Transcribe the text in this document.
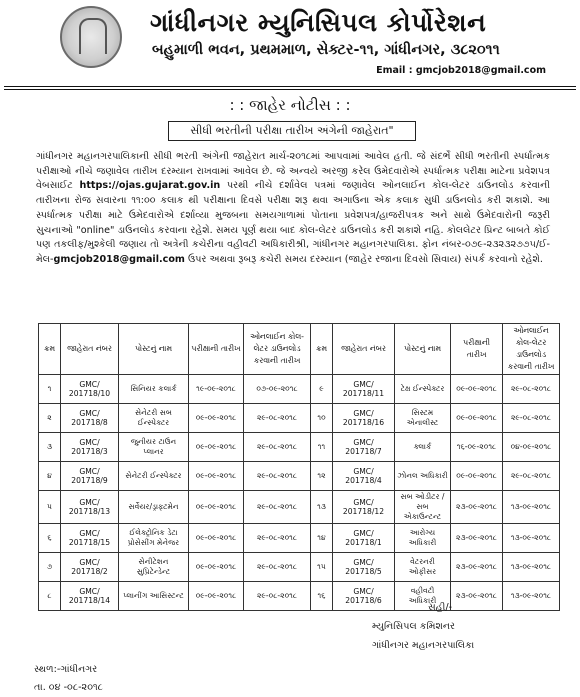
ગાંધીનગર મ્યુનિસિપલ કોર્પોરેશન
બહુમાળી ભવન, પ્રથમમાળ, સેક્ટર-૧૧, ગાંધીનગર, ૩૮૨૦૧૧
Email : gmcjob2018@gmail.com
: : જાહેર નોટીસ : :
સીધી ભરતીની પરીક્ષા તારીખ અંગેની જાહેરાત"
ગાંધીનગર મહાનગરપાલિકાની સીધી ભરતી અંગેની જાહેરાત માર્ચ-૨૦૧૮માં આપવામાં આવેલ હતી. જે સંદર્ભે સીધી ભરતીની સ્પર્ધાત્મક પરીક્ષાઓ નીચે જણાવેલ તારીખ દરમ્યાન રાખવામાં આવેલ છે. જે અન્વયે અરજી કરેલ ઉમેદવારોએ સ્પર્ધાત્મક પરીક્ષા માટેના પ્રવેશપત્ર વેબસાઈટ https://ojas.gujarat.gov.in પરથી નીચે દર્શાવેલ પત્રમાં જણાવેલ ઓનલાઈન કોલ-લેટર ડાઉનલોડ કરવાની તારીખના રોજ સવારના ૧૧:૦૦ કલાક થી પરીક્ષાના દિવસે પરીક્ષા શરૂ થવા અગાઉના એક કલાક સુધી ડાઉનલોડ કરી શકાશે. આ સ્પર્ધાત્મક પરીક્ષા માટે ઉમેદવારોએ દર્શાવ્યા મુજબના સમયગાળામાં પોતાના પ્રવેશપત્ર/હાજરીપત્રક અને સાથે ઉમેદવારોની જરૂરી સુચનાઓ "online" ડાઉનલોડ કરવાના રહેશે. સમય પૂર્ણ થયા બાદ કોલ-લેટર ડાઉનલોડ કરી શકાશે નહિ. કોલલેટર પ્રિન્ટ બાબતે કોઈ પણ તકલીફ/મુશ્કેલી જણાય તો અત્રેની કચેરીના વહીવટી અધિકારીશ્રી, ગાંધીનગર મહાનગરપાલિકા. ફોન નંબર-૦૭૯-૨૩૨૩૨૭૭૫/ઈ-મેલ-gmcjob2018@gmail.com ઉપર અથવા રૂબરૂ કચેરી સમય દરમ્યાન (જાહેર રજાના દિવસો સિવાય) સંપર્ક કરવાનો રહેશે.
ક્રમ	જાહેરાત નંબર	પોસ્ટનું નામ	પરીક્ષાની તારીખ	ઓનલાઈન કોલ-લેટર ડાઉનલોડ કરવાની તારીખ	ક્રમ	જાહેરાત નંબર	પોસ્ટનું નામ	પરીક્ષાની તારીખ	ઓનલાઈન કોલ-લેટર ડાઉનલોડ કરવાની તારીખ
૧	GMC/ 201718/10	સિનિયર કલાર્ક	૧૯-૦૯-૨૦૧૮	૦૭-૦૯-૨૦૧૮	૯	GMC/ 201718/11	ટેક્ષ ઈન્સ્પેક્ટર	૦૯-૦૯-૨૦૧૮	૨૯-૦૮-૨૦૧૮
૨	GMC/ 201718/8	સેનેટરી સબ ઈન્સ્પેક્ટર	૦૯-૦૯-૨૦૧૮	૨૯-૦૮-૨૦૧૮	૧૦	GMC/ 201718/16	સિસ્ટમ એનાલીસ્ટ	૦૯-૦૯-૨૦૧૮	૨૯-૦૮-૨૦૧૮
૩	GMC/ 201718/3	જુનીયર ટાઉન પ્લાનર	૦૯-૦૯-૨૦૧૮	૨૯-૦૮-૨૦૧૮	૧૧	GMC/ 201718/7	ક્લાર્ક	૧૬-૦૯-૨૦૧૮	૦૪-૦૯-૨૦૧૮
૪	GMC/ 201718/9	સેનેટરી ઈન્સ્પેક્ટર	૦૯-૦૯-૨૦૧૮	૨૯-૦૮-૨૦૧૮	૧૨	GMC/ 201718/4	ઝોનલ અધિકારી	૦૯-૦૯-૨૦૧૮	૨૯-૦૮-૨૦૧૮
૫	GMC/ 201718/13	સર્વેયર/ડ્રાફ્ટમેન	૦૯-૦૯-૨૦૧૮	૨૯-૦૮-૨૦૧૮	૧૩	GMC/ 201718/12	સબ ઓડીટર / સબ એકાઉન્ટન્ટ	૨૩-૦૯-૨૦૧૮	૧૩-૦૯-૨૦૧૮
૬	GMC/ 201718/15	ઈલેક્ટ્રોનિક ડેટા પ્રોસેસીંગ મેનેજર	૦૯-૦૯-૨૦૧૮	૨૯-૦૮-૨૦૧૮	૧૪	GMC/ 201718/1	આરોગ્ય અધિકારી	૨૩-૦૯-૨૦૧૮	૧૩-૦૯-૨૦૧૮
૭	GMC/ 201718/2	સેનીટેશન સુપ્રિટેન્ડેન્ટ	૦૯-૦૯-૨૦૧૮	૨૯-૦૮-૨૦૧૮	૧૫	GMC/ 201718/5	વેટરનરી ઓફીસર	૨૩-૦૯-૨૦૧૮	૧૩-૦૯-૨૦૧૮
૮	GMC/ 201718/14	પ્લાનીંગ આસિસ્ટન્ટ	૦૯-૦૯-૨૦૧૮	૨૯-૦૮-૨૦૧૮	૧૬	GMC/ 201718/6	વહીવટી અધિકારી	૨૩-૦૯-૨૦૧૮	૧૩-૦૯-૨૦૧૮
સહી/-
મ્યુનિસિપલ કમિશનર
ગાંધીનગર મહાનગરપાલિકા
સ્થળ:-ગાંધીનગર
તા. ૦૪ -૦૮-૨૦૧૮
